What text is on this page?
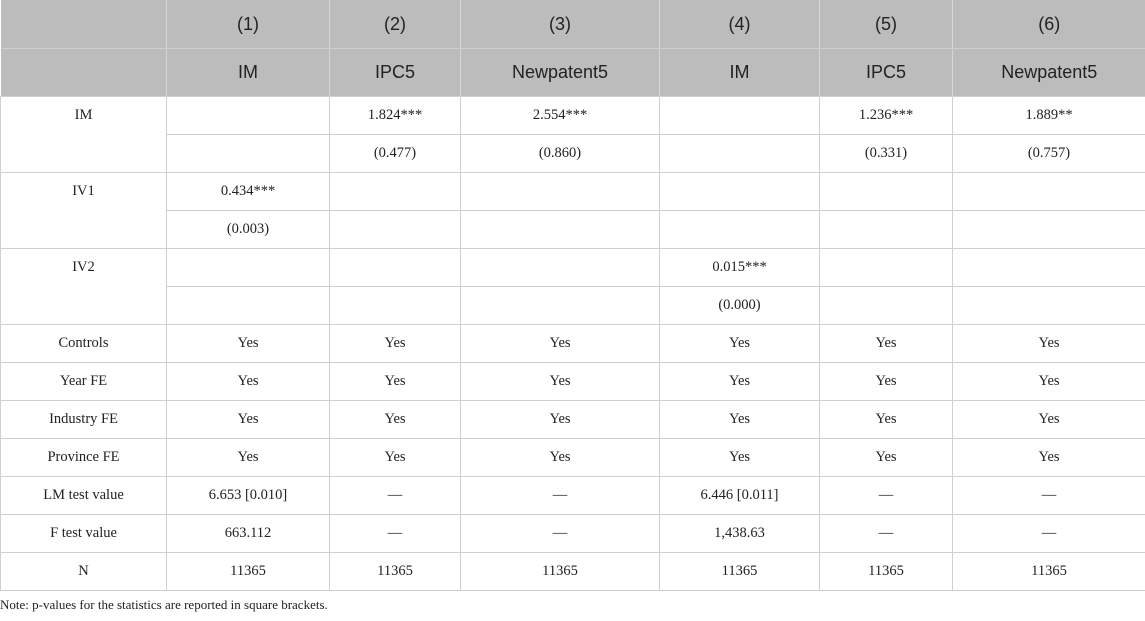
	(1)	(2)	(3)	(4)	(5)	(6)
	IM	IPC5	Newpatent5	IM	IPC5	Newpatent5
IM		1.824***	2.554***		1.236***	1.889**
		(0.477)	(0.860)		(0.331)	(0.757)
IV1	0.434***					
	(0.003)					
IV2				0.015***		
				(0.000)		
Controls	Yes	Yes	Yes	Yes	Yes	Yes
Year FE	Yes	Yes	Yes	Yes	Yes	Yes
Industry FE	Yes	Yes	Yes	Yes	Yes	Yes
Province FE	Yes	Yes	Yes	Yes	Yes	Yes
LM test value	6.653 [0.010]	—	—	6.446 [0.011]	—	—
F test value	663.112	—	—	1,438.63	—	—
N	11365	11365	11365	11365	11365	11365
Note: p-values for the statistics are reported in square brackets.
